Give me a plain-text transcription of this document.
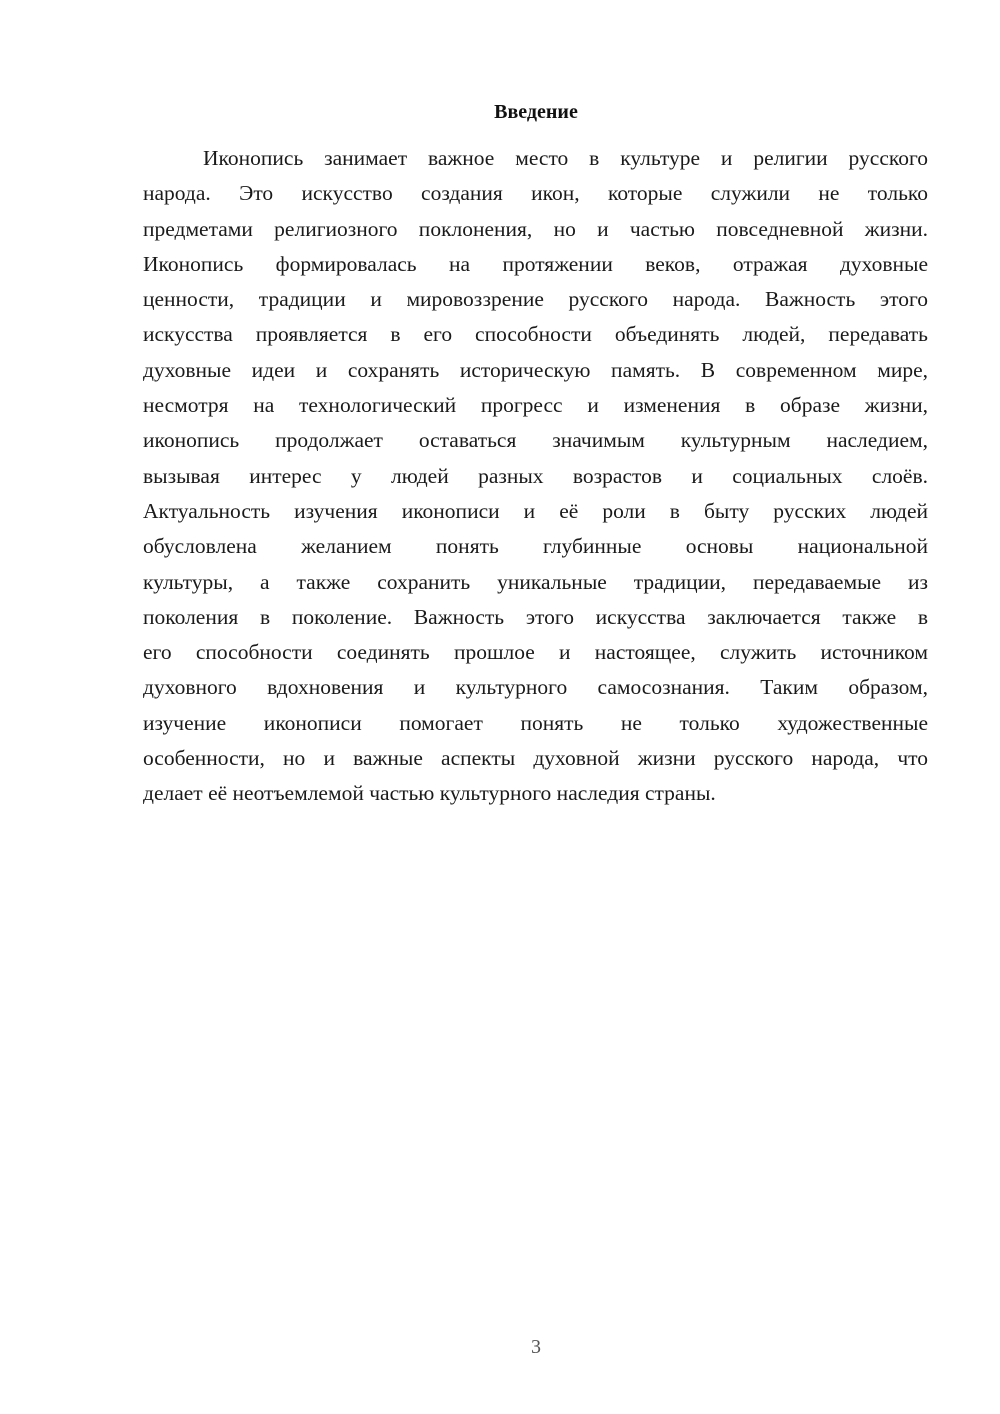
Введение
Иконопись занимает важное место в культуре и религии русского
народа. Это искусство создания икон, которые служили не только
предметами религиозного поклонения, но и частью повседневной жизни.
Иконопись формировалась на протяжении веков, отражая духовные
ценности, традиции и мировоззрение русского народа. Важность этого
искусства проявляется в его способности объединять людей, передавать
духовные идеи и сохранять историческую память. В современном мире,
несмотря на технологический прогресс и изменения в образе жизни,
иконопись продолжает оставаться значимым культурным наследием,
вызывая интерес у людей разных возрастов и социальных слоёв.
Актуальность изучения иконописи и её роли в быту русских людей
обусловлена желанием понять глубинные основы национальной
культуры, а также сохранить уникальные традиции, передаваемые из
поколения в поколение. Важность этого искусства заключается также в
его способности соединять прошлое и настоящее, служить источником
духовного вдохновения и культурного самосознания. Таким образом,
изучение иконописи помогает понять не только художественные
особенности, но и важные аспекты духовной жизни русского народа, что
делает её неотъемлемой частью культурного наследия страны.
3
